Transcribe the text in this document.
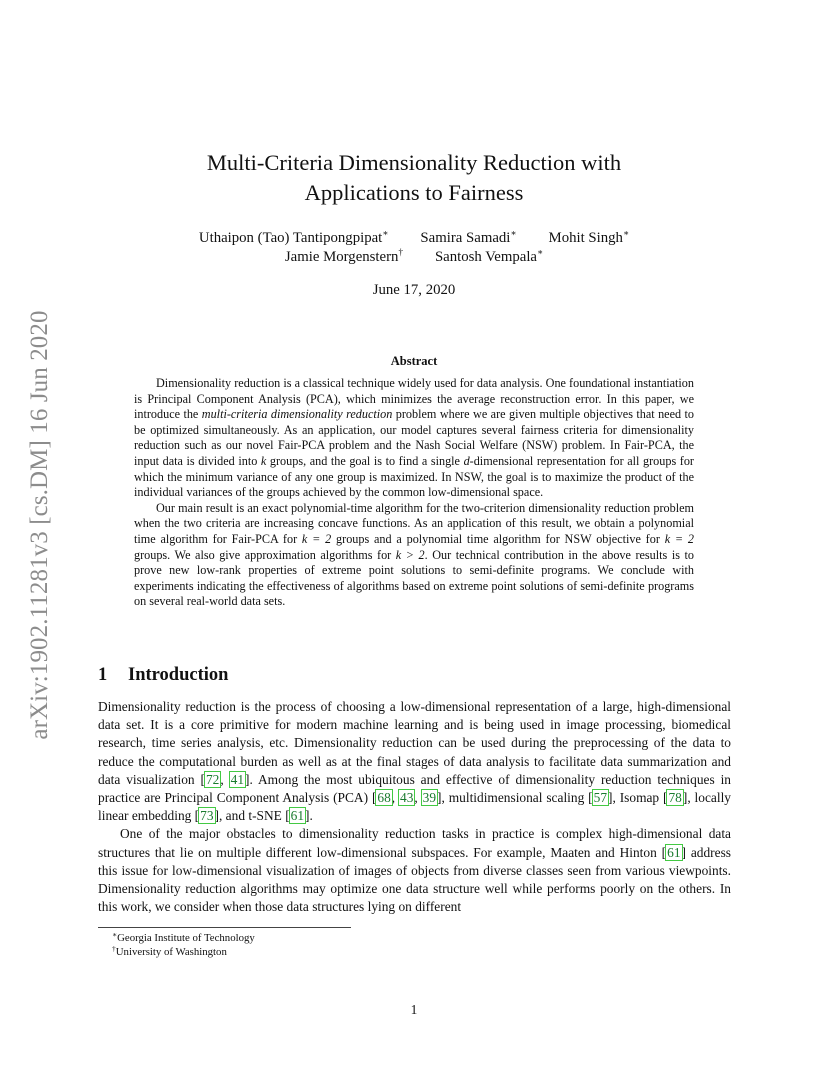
arXiv:1902.11281v3 [cs.DM] 16 Jun 2020
Multi-Criteria Dimensionality Reduction with
Applications to Fairness
Uthaipon (Tao) Tantipongpipat∗ Samira Samadi∗ Mohit Singh∗
Jamie Morgenstern† Santosh Vempala∗
June 17, 2020
Abstract

Dimensionality reduction is a classical technique widely used for data analysis. One foundational instantiation is Principal Component Analysis (PCA), which minimizes the average reconstruction error. In this paper, we introduce the multi-criteria dimensionality reduction problem where we are given multiple objectives that need to be optimized simultaneously. As an application, our model captures several fairness criteria for dimensionality reduction such as our novel Fair-PCA problem and the Nash Social Welfare (NSW) problem. In Fair-PCA, the input data is divided into k groups, and the goal is to find a single d-dimensional representation for all groups for which the minimum variance of any one group is maximized. In NSW, the goal is to maximize the product of the individual variances of the groups achieved by the common low-dimensional space.

Our main result is an exact polynomial-time algorithm for the two-criterion dimensionality reduction problem when the two criteria are increasing concave functions. As an application of this result, we obtain a polynomial time algorithm for Fair-PCA for k = 2 groups and a polynomial time algorithm for NSW objective for k = 2 groups. We also give approximation algorithms for k > 2. Our technical contribution in the above results is to prove new low-rank properties of extreme point solutions to semi-definite programs. We conclude with experiments indicating the effectiveness of algorithms based on extreme point solutions of semi-definite programs on several real-world data sets.

1 Introduction

Dimensionality reduction is the process of choosing a low-dimensional representation of a large, high-dimensional data set. It is a core primitive for modern machine learning and is being used in image processing, biomedical research, time series analysis, etc. Dimensionality reduction can be used during the preprocessing of the data to reduce the computational burden as well as at the final stages of data analysis to facilitate data summarization and data visualization [72, 41]. Among the most ubiquitous and effective of dimensionality reduction techniques in practice are Principal Component Analysis (PCA) [68, 43, 39], multidimensional scaling [57], Isomap [78], locally linear embedding [73], and t-SNE [61].

One of the major obstacles to dimensionality reduction tasks in practice is complex high-dimensional data structures that lie on multiple different low-dimensional subspaces. For example, Maaten and Hinton [61] address this issue for low-dimensional visualization of images of objects from diverse classes seen from various viewpoints. Dimensionality reduction algorithms may optimize one data structure well while performs poorly on the others. In this work, we consider when those data structures lying on different

∗Georgia Institute of Technology
†University of Washington
1
